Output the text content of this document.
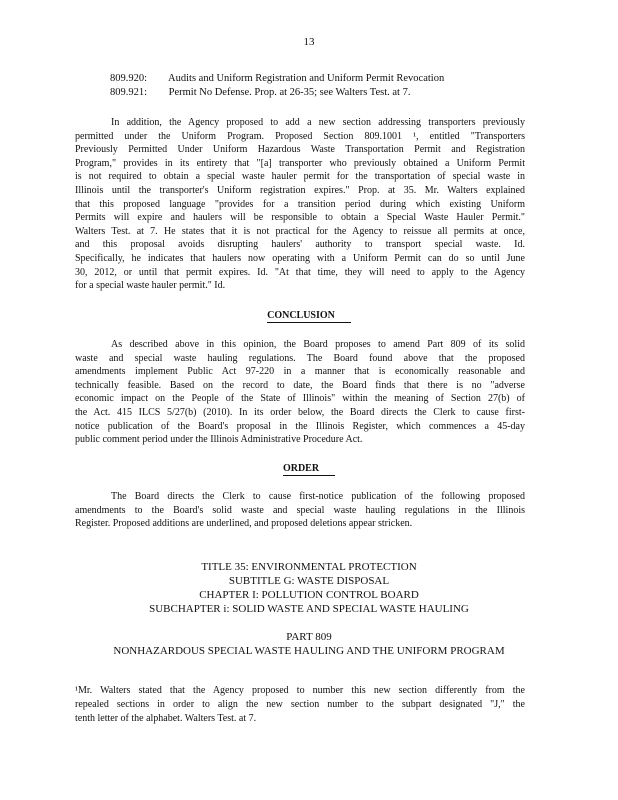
13
809.920: Audits and Uniform Registration and Uniform Permit Revocation
809.921: Permit No Defense. Prop. at 26-35; see Walters Test. at 7.
In addition, the Agency proposed to add a new section addressing transporters previously
permitted under the Uniform Program. Proposed Section 809.1001 ¹, entitled "Transporters
Previously Permitted Under Uniform Hazardous Waste Transportation Permit and Registration
Program," provides in its entirety that "[a] transporter who previously obtained a Uniform Permit
is not required to obtain a special waste hauler permit for the transportation of special waste in
Illinois until the transporter's Uniform registration expires." Prop. at 35. Mr. Walters explained
that this proposed language "provides for a transition period during which existing Uniform
Permits will expire and haulers will be responsible to obtain a Special Waste Hauler Permit."
Walters Test. at 7. He states that it is not practical for the Agency to reissue all permits at once,
and this proposal avoids disrupting haulers' authority to transport special waste. Id.
Specifically, he indicates that haulers now operating with a Uniform Permit can do so until June
30, 2012, or until that permit expires. Id. "At that time, they will need to apply to the Agency
for a special waste hauler permit." Id.
CONCLUSION
As described above in this opinion, the Board proposes to amend Part 809 of its solid
waste and special waste hauling regulations. The Board found above that the proposed
amendments implement Public Act 97-220 in a manner that is economically reasonable and
technically feasible. Based on the record to date, the Board finds that there is no "adverse
economic impact on the People of the State of Illinois" within the meaning of Section 27(b) of
the Act. 415 ILCS 5/27(b) (2010). In its order below, the Board directs the Clerk to cause first-
notice publication of the Board's proposal in the Illinois Register, which commences a 45-day
public comment period under the Illinois Administrative Procedure Act.
ORDER
The Board directs the Clerk to cause first-notice publication of the following proposed
amendments to the Board's solid waste and special waste hauling regulations in the Illinois
Register. Proposed additions are underlined, and proposed deletions appear stricken.
TITLE 35: ENVIRONMENTAL PROTECTION
SUBTITLE G: WASTE DISPOSAL
CHAPTER I: POLLUTION CONTROL BOARD
SUBCHAPTER i: SOLID WASTE AND SPECIAL WASTE HAULING
PART 809
NONHAZARDOUS SPECIAL WASTE HAULING AND THE UNIFORM PROGRAM
¹Mr. Walters stated that the Agency proposed to number this new section differently from the
repealed sections in order to align the new section number to the subpart designated "J," the
tenth letter of the alphabet. Walters Test. at 7.
